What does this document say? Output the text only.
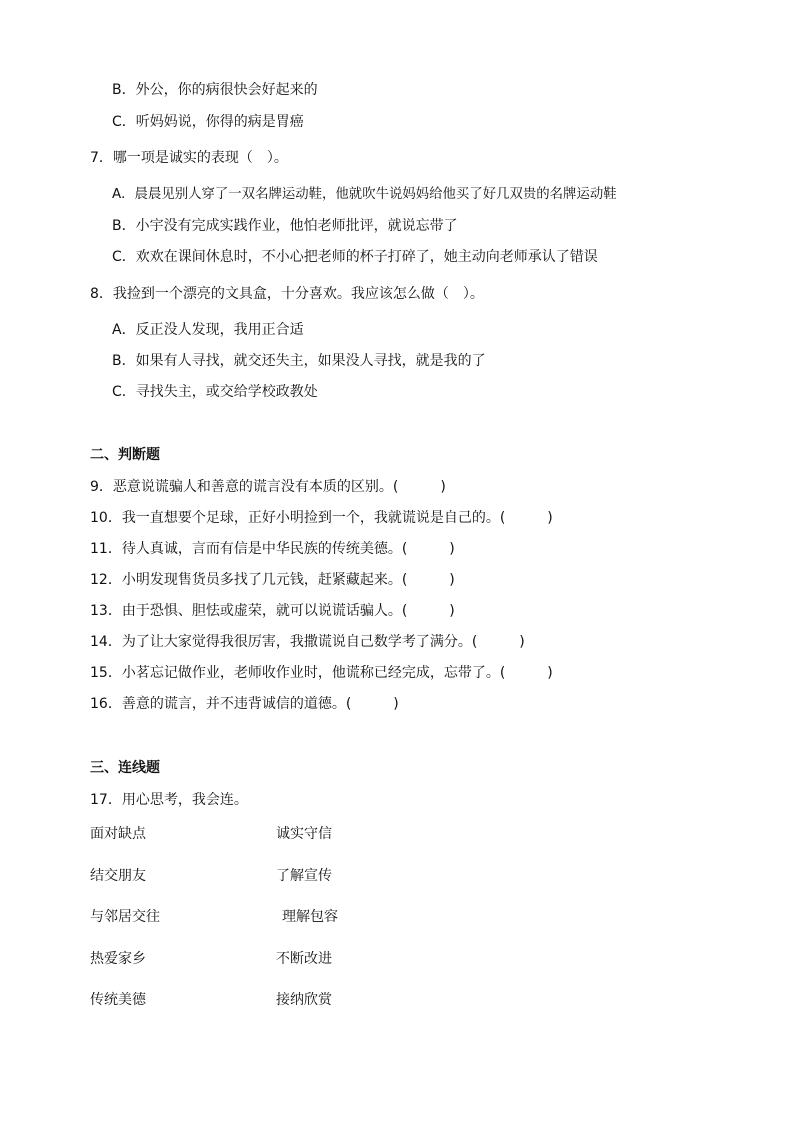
B．外公，你的病很快会好起来的
C．听妈妈说，你得的病是胃癌
7．哪一项是诚实的表现（　）。
A．晨晨见别人穿了一双名牌运动鞋，他就吹牛说妈妈给他买了好几双贵的名牌运动鞋
B．小宇没有完成实践作业，他怕老师批评，就说忘带了
C．欢欢在课间休息时，不小心把老师的杯子打碎了，她主动向老师承认了错误
8．我捡到一个漂亮的文具盒，十分喜欢。我应该怎么做（　）。
A．反正没人发现，我用正合适
B．如果有人寻找，就交还失主，如果没人寻找，就是我的了
C．寻找失主，或交给学校政教处
二、判断题
9．恶意说谎骗人和善意的谎言没有本质的区别。(　　　)
10．我一直想要个足球，正好小明捡到一个，我就谎说是自己的。(　　　)
11．待人真诚，言而有信是中华民族的传统美德。(　　　)
12．小明发现售货员多找了几元钱，赶紧藏起来。(　　　)
13．由于恐惧、胆怯或虚荣，就可以说谎话骗人。(　　　)
14．为了让大家觉得我很厉害，我撒谎说自己数学考了满分。(　　　)
15．小茗忘记做作业，老师收作业时，他谎称已经完成，忘带了。(　　　)
16．善意的谎言，并不违背诚信的道德。(　　　)
三、连线题
17．用心思考，我会连。
面对缺点	诚实守信
结交朋友	了解宣传
与邻居交往	理解包容
热爱家乡	不断改进
传统美德	接纳欣赏
